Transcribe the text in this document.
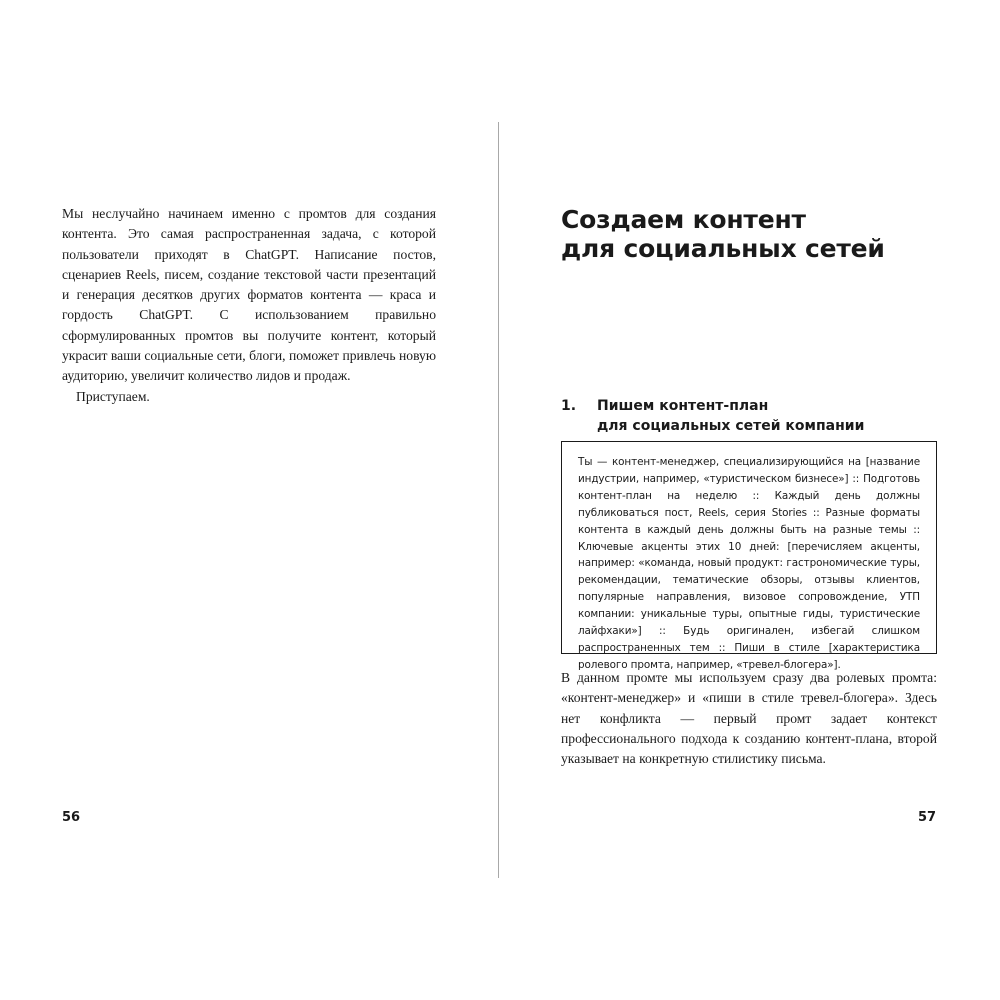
Мы неслучайно начинаем именно с промтов для создания контента. Это самая распространенная задача, с которой пользователи приходят в ChatGPT. Написание постов, сценариев Reels, писем, создание текстовой части презентаций и генерация десятков других форматов контента — краса и гордость ChatGPT. С использованием правильно сформулированных промтов вы получите контент, который украсит ваши социальные сети, блоги, поможет привлечь новую аудиторию, увеличит количество лидов и продаж.

Приступаем.

56
Создаем контент
для социальных сетей
1. Пишем контент-план
для социальных сетей компании

Ты — контент-менеджер, специализирующийся на [название индустрии, например, «туристическом бизнесе»] :: Подготовь контент-план на неделю :: Каждый день должны публиковаться пост, Reels, серия Stories :: Разные форматы контента в каждый день должны быть на разные темы :: Ключевые акценты этих 10 дней: [перечисляем акценты, например: «команда, новый продукт: гастрономические туры, рекомендации, тематические обзоры, отзывы клиентов, популярные направления, визовое сопровождение, УТП компании: уникальные туры, опытные гиды, туристические лайфхаки»] :: Будь оригинален, избегай слишком распространенных тем :: Пиши в стиле [характеристика ролевого промта, например, «тревел-блогера»].

В данном промте мы используем сразу два ролевых промта: «контент-менеджер» и «пиши в стиле тревел-блогера». Здесь нет конфликта — первый промт задает контекст профессионального подхода к созданию контент-плана, второй указывает на конкретную стилистику письма.

57
